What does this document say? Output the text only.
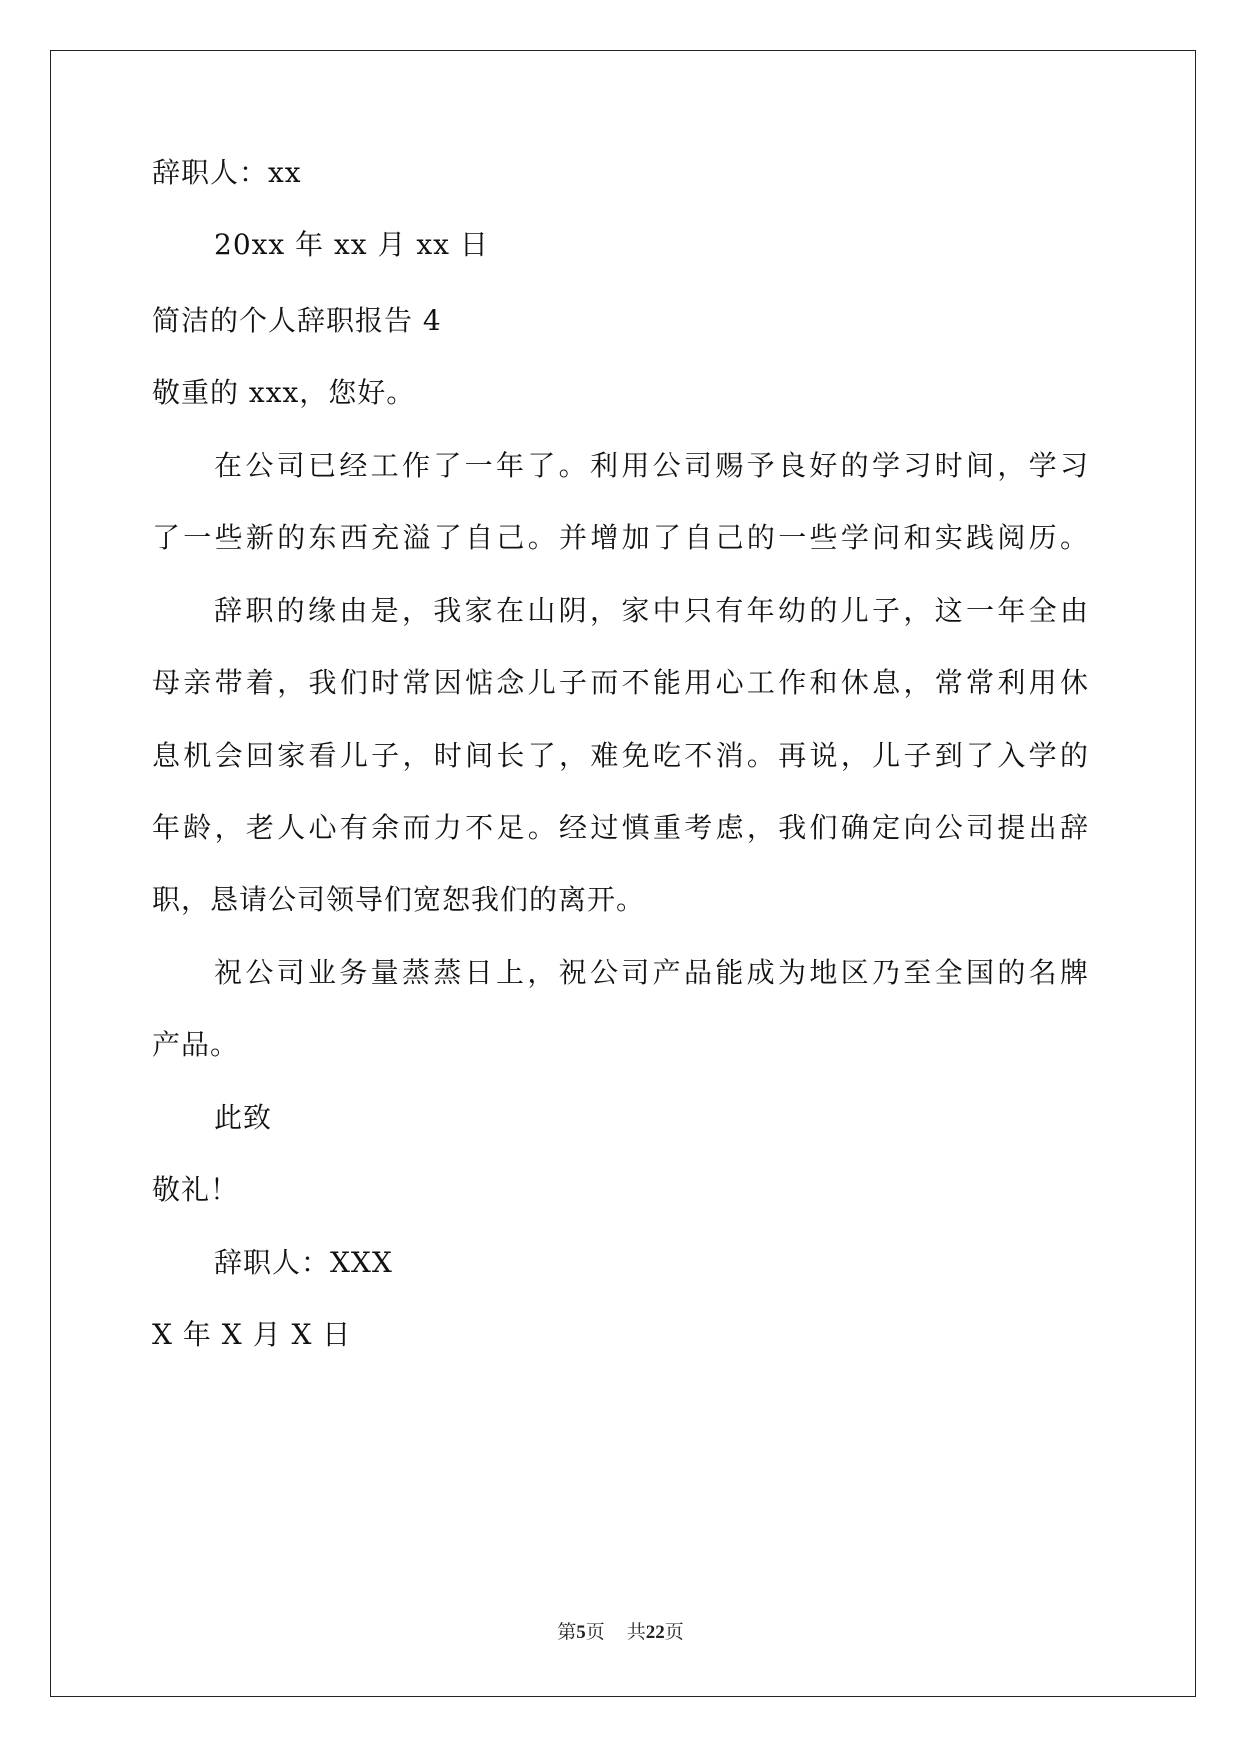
辞职人：xx
20xx 年 xx 月 xx 日
简洁的个人辞职报告 4
敬重的 xxx，您好。
在公司已经工作了一年了。利用公司赐予良好的学习时间，学习
了一些新的东西充溢了自己。并增加了自己的一些学问和实践阅历。
辞职的缘由是，我家在山阴，家中只有年幼的儿子，这一年全由
母亲带着，我们时常因惦念儿子而不能用心工作和休息，常常利用休
息机会回家看儿子，时间长了，难免吃不消。再说，儿子到了入学的
年龄，老人心有余而力不足。经过慎重考虑，我们确定向公司提出辞
职，恳请公司领导们宽恕我们的离开。
祝公司业务量蒸蒸日上，祝公司产品能成为地区乃至全国的名牌
产品。
此致
敬礼！
辞职人：XXX
X 年 X 月 X 日
第5页 共22页
